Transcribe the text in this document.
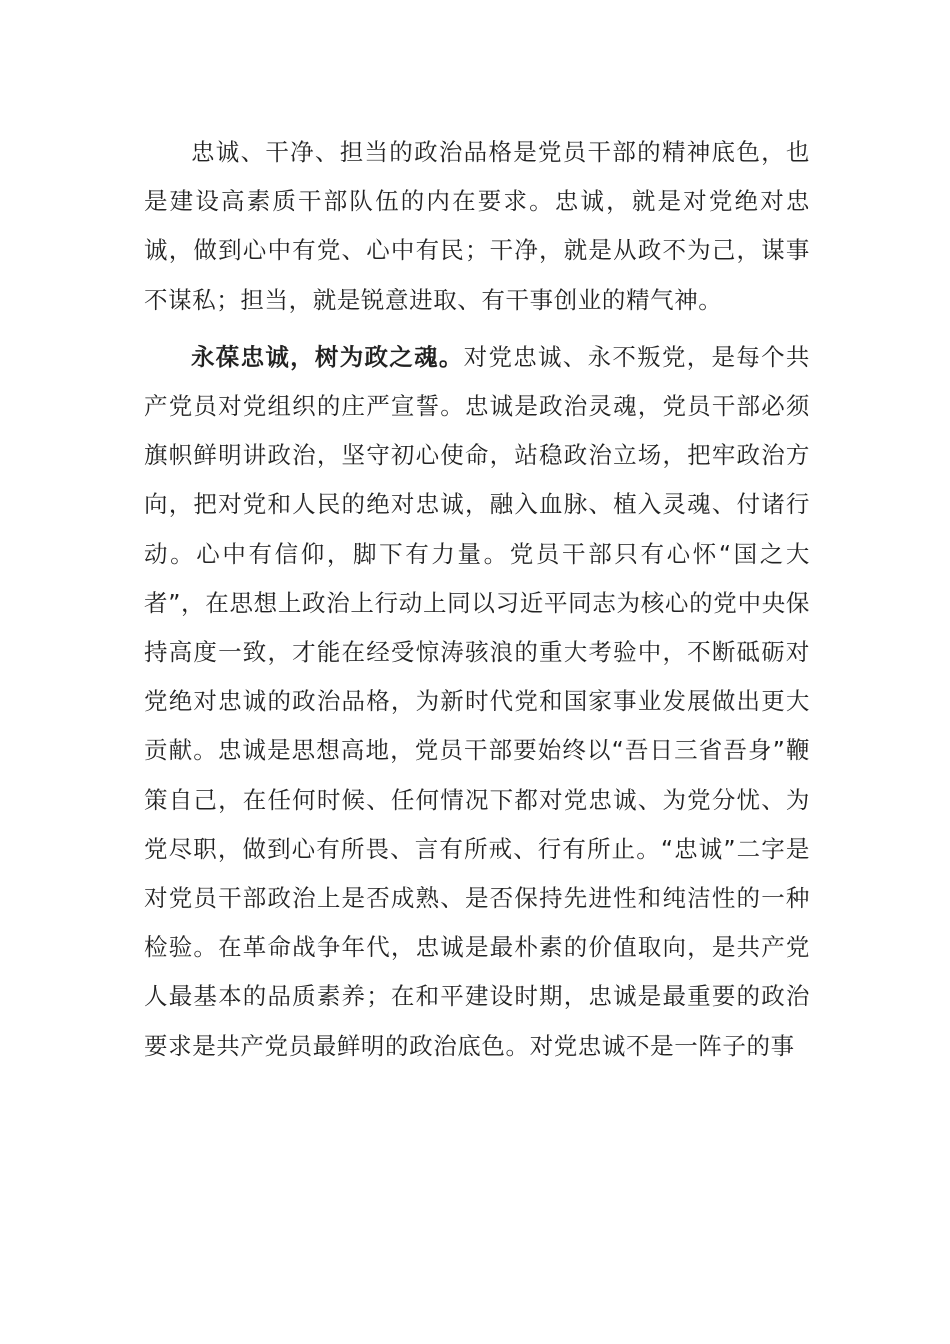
忠诚、干净、担当的政治品格是党员干部的精神底色，也是建设高素质干部队伍的内在要求。忠诚，就是对党绝对忠诚，做到心中有党、心中有民；干净，就是从政不为己，谋事不谋私；担当，就是锐意进取、有干事创业的精气神。

永葆忠诚，树为政之魂。对党忠诚、永不叛党，是每个共产党员对党组织的庄严宣誓。忠诚是政治灵魂，党员干部必须旗帜鲜明讲政治，坚守初心使命，站稳政治立场，把牢政治方向，把对党和人民的绝对忠诚，融入血脉、植入灵魂、付诸行动。心中有信仰，脚下有力量。党员干部只有心怀“国之大者”，在思想上政治上行动上同以习近平同志为核心的党中央保持高度一致，才能在经受惊涛骇浪的重大考验中，不断砥砺对党绝对忠诚的政治品格，为新时代党和国家事业发展做出更大贡献。忠诚是思想高地，党员干部要始终以“吾日三省吾身”鞭策自己，在任何时候、任何情况下都对党忠诚、为党分忧、为党尽职，做到心有所畏、言有所戒、行有所止。“忠诚”二字是对党员干部政治上是否成熟、是否保持先进性和纯洁性的一种检验。在革命战争年代，忠诚是最朴素的价值取向，是共产党人最基本的品质素养；在和平建设时期，忠诚是最重要的政治要求是共产党员最鲜明的政治底色。对党忠诚不是一阵子的事
